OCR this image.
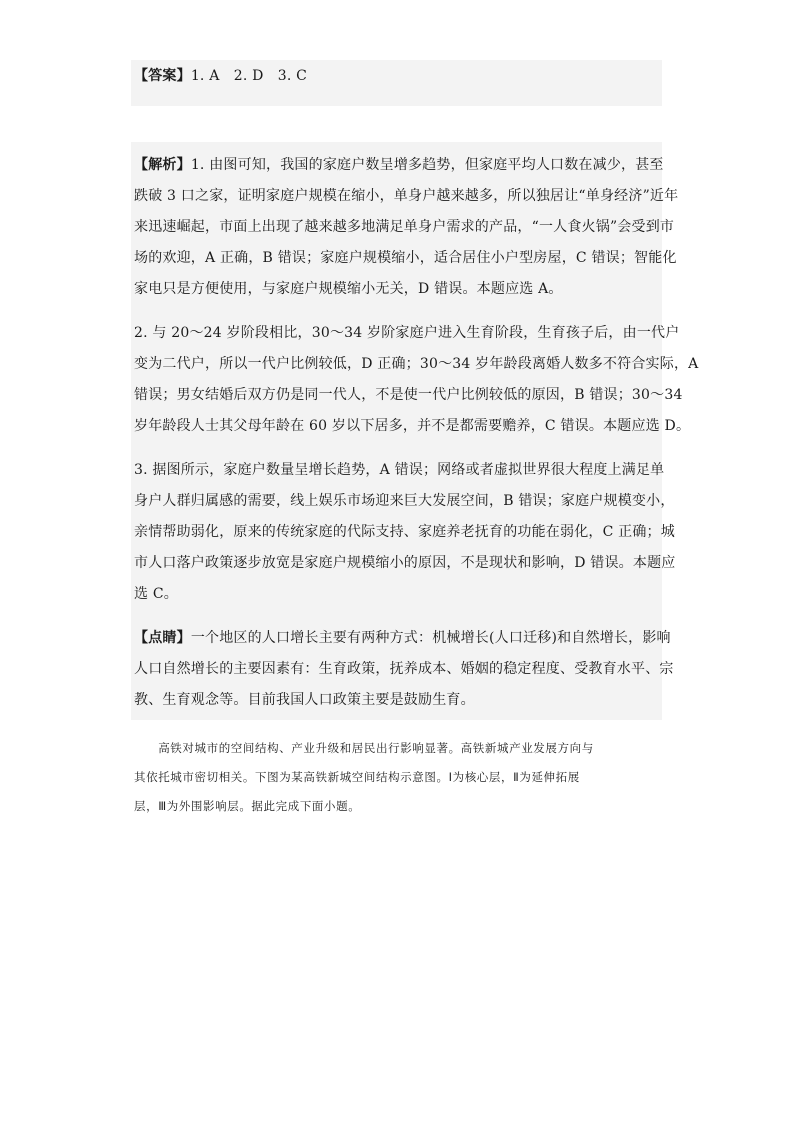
【答案】1. A　2. D　3. C
【解析】1. 由图可知，我国的家庭户数呈增多趋势，但家庭平均人口数在减少，甚至
跌破 3 口之家，证明家庭户规模在缩小，单身户越来越多，所以独居让“单身经济”近年
来迅速崛起，市面上出现了越来越多地满足单身户需求的产品，“一人食火锅”会受到市
场的欢迎，A 正确，B 错误；家庭户规模缩小，适合居住小户型房屋，C 错误；智能化
家电只是方便使用，与家庭户规模缩小无关，D 错误。本题应选 A。
2. 与 20～24 岁阶段相比，30～34 岁阶家庭户进入生育阶段，生育孩子后，由一代户
变为二代户，所以一代户比例较低，D 正确；30～34 岁年龄段离婚人数多不符合实际，A
错误；男女结婚后双方仍是同一代人，不是使一代户比例较低的原因，B 错误；30～34
岁年龄段人士其父母年龄在 60 岁以下居多，并不是都需要赡养，C 错误。本题应选 D。
3. 据图所示，家庭户数量呈增长趋势，A 错误；网络或者虚拟世界很大程度上满足单
身户人群归属感的需要，线上娱乐市场迎来巨大发展空间，B 错误；家庭户规模变小，
亲情帮助弱化，原来的传统家庭的代际支持、家庭养老抚育的功能在弱化，C 正确；城
市人口落户政策逐步放宽是家庭户规模缩小的原因，不是现状和影响，D 错误。本题应
选 C。
【点睛】一个地区的人口增长主要有两种方式：机械增长(人口迁移)和自然增长，影响
人口自然增长的主要因素有：生育政策，抚养成本、婚姻的稳定程度、受教育水平、宗
教、生育观念等。目前我国人口政策主要是鼓励生育。
　　高铁对城市的空间结构、产业升级和居民出行影响显著。高铁新城产业发展方向与
其依托城市密切相关。下图为某高铁新城空间结构示意图。Ⅰ为核心层，Ⅱ为延伸拓展
层，Ⅲ为外围影响层。据此完成下面小题。
